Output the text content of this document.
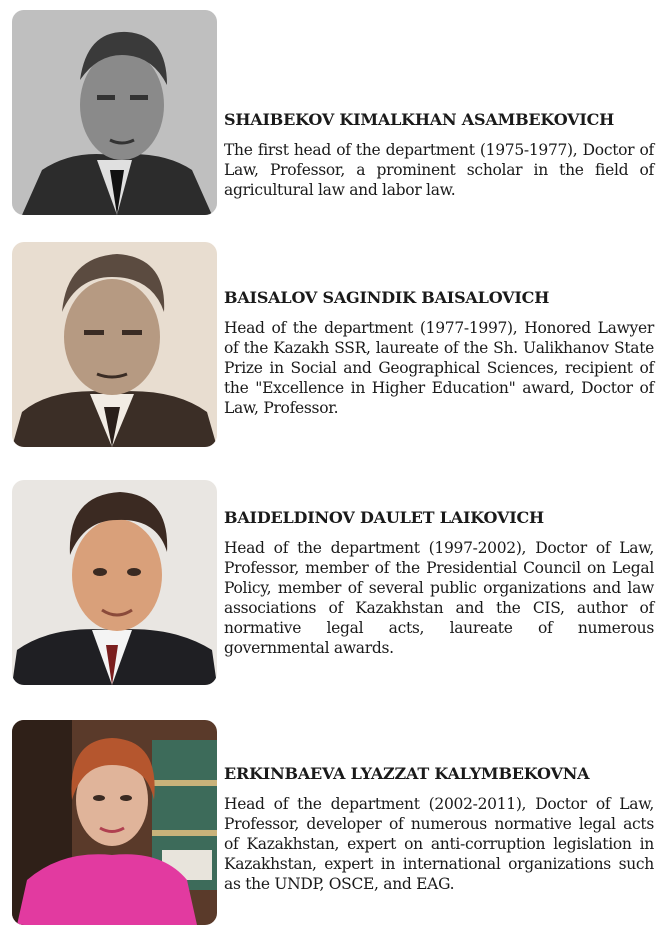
SHAIBEKOV KIMALKHAN ASAMBEKOVICH

The first head of the department (1975-1977), Doctor of Law, Professor, a prominent scholar in the field of agricultural law and labor law.

BAISALOV SAGINDIK BAISALOVICH

Head of the department (1977-1997), Honored Lawyer of the Kazakh SSR, laureate of the Sh. Ualikhanov State Prize in Social and Geographical Sciences, recipient of the "Excellence in Higher Education" award, Doctor of Law, Professor.

BAIDELDINOV DAULET LAIKOVICH

Head of the department (1997-2002), Doctor of Law, Professor, member of the Presidential Council on Legal Policy, member of several public organizations and law associations of Kazakhstan and the CIS, author of normative legal acts, laureate of numerous governmental awards.

ERKINBAEVA LYAZZAT KALYMBEKOVNA

Head of the department (2002-2011), Doctor of Law, Professor, developer of numerous normative legal acts of Kazakhstan, expert on anti-corruption legislation in Kazakhstan, expert in international organizations such as the UNDP, OSCE, and EAG.
